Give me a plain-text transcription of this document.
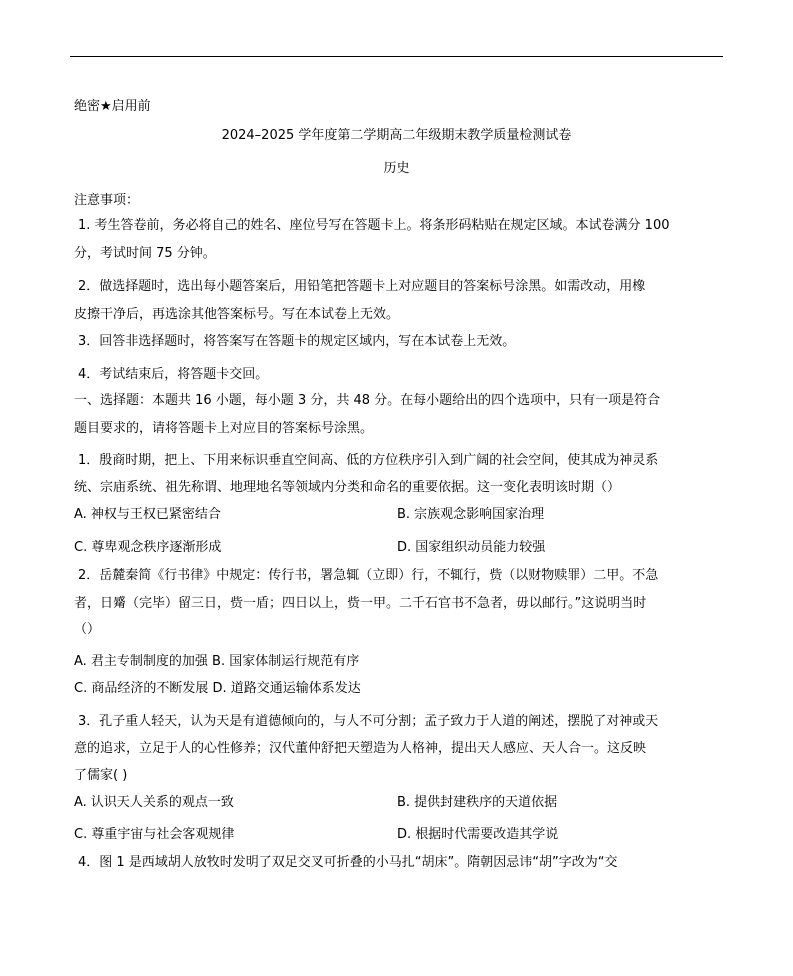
绝密★启用前
2024–2025 学年度第二学期高二年级期末教学质量检测试卷
历史
注意事项：
1. 考生答卷前，务必将自己的姓名、座位号写在答题卡上。将条形码粘贴在规定区域。本试卷满分 100
分，考试时间 75 分钟。
2．做选择题时，选出每小题答案后，用铅笔把答题卡上对应题目的答案标号涂黑。如需改动，用橡
皮擦干净后，再选涂其他答案标号。写在本试卷上无效。
3．回答非选择题时，将答案写在答题卡的规定区域内，写在本试卷上无效。
4．考试结束后，将答题卡交回。
一、选择题：本题共 16 小题，每小题 3 分，共 48 分。在每小题给出的四个选项中，只有一项是符合
题目要求的，请将答题卡上对应目的答案标号涂黑。
1．殷商时期，把上、下用来标识垂直空间高、低的方位秩序引入到广阔的社会空间，使其成为神灵系
统、宗庙系统、祖先称谓、地理地名等领域内分类和命名的重要依据。这一变化表明该时期（）
A. 神权与王权已紧密结合	B. 宗族观念影响国家治理
C. 尊卑观念秩序逐渐形成	D. 国家组织动员能力较强
2．岳麓秦简《行书律》中规定：传行书，署急辄（立即）行，不辄行，赀（以财物赎罪）二甲。不急
者，日觱（完毕）留三日，赀一盾；四日以上，赀一甲。二千石官书不急者，毋以邮行。”这说明当时
（）
A. 君主专制制度的加强 B. 国家体制运行规范有序
C. 商品经济的不断发展 D. 道路交通运输体系发达
3．孔子重人轻天，认为天是有道德倾向的，与人不可分割；孟子致力于人道的阐述，摆脱了对神或天
意的追求，立足于人的心性修养；汉代董仲舒把天塑造为人格神，提出天人感应、天人合一。这反映
了儒家( )
A. 认识天人关系的观点一致	B. 提供封建秩序的天道依据
C. 尊重宇宙与社会客观规律	D. 根据时代需要改造其学说
4．图 1 是西域胡人放牧时发明了双足交叉可折叠的小马扎“胡床”。隋朝因忌讳“胡”字改为“交
